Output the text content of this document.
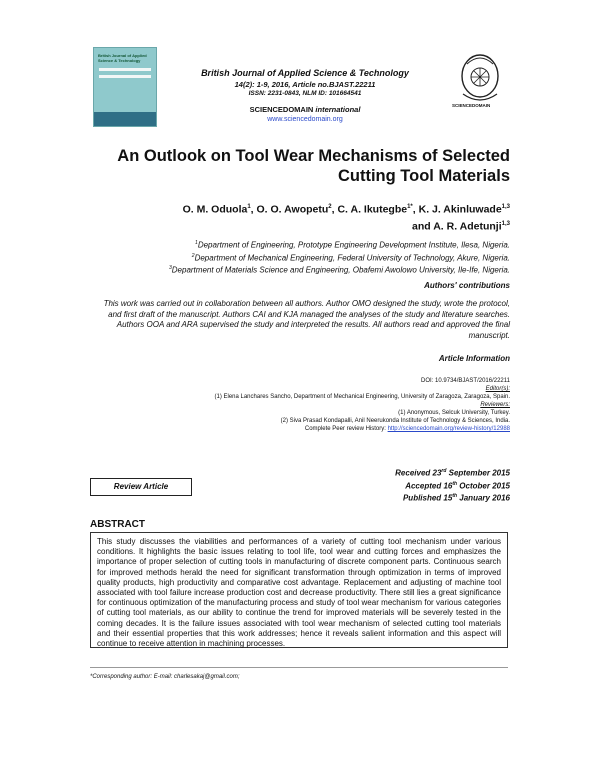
British Journal of Applied Science & Technology
British Journal of Applied Science & Technology
14(2): 1-9, 2016, Article no.BJAST.22211
ISSN: 2231-0843, NLM ID: 101664541
SCIENCEDOMAIN international
www.sciencedomain.org
SCIENCEDOMAIN
An Outlook on Tool Wear Mechanisms of Selected
Cutting Tool Materials
O. M. Oduola$^1$, O. O. Awopetu$^2$, C. A. Ikutegbe$^{1*}$, K. J. Akinluwade$^{1,3}$
and A. R. Adetunji$^{1,3}$
$^1$Department of Engineering, Prototype Engineering Development Institute, Ilesa, Nigeria.
$^2$Department of Mechanical Engineering, Federal University of Technology, Akure, Nigeria.
$^3$Department of Materials Science and Engineering, Obafemi Awolowo University, Ile-Ife, Nigeria.
Authors' contributions
This work was carried out in collaboration between all authors. Author OMO designed the study, wrote the protocol, and first draft of the manuscript. Authors CAI and KJA managed the analyses of the study and literature searches. Authors OOA and ARA supervised the study and interpreted the results. All authors read and approved the final manuscript.
Article Information
DOI: 10.9734/BJAST/2016/22211
Editor(s):
(1) Elena Lanchares Sancho, Department of Mechanical Engineering, University of Zaragoza, Zaragoza, Spain.
Reviewers:
(1) Anonymous, Selcuk University, Turkey.
(2) Siva Prasad Kondapalli, Anil Neerukonda Institute of Technology & Sciences, India.
Complete Peer review History: http://sciencedomain.org/review-history/12988
Review Article
Received 23rd September 2015
Accepted 16th October 2015
Published 15th January 2016
ABSTRACT
This study discusses the viabilities and performances of a variety of cutting tool mechanism under various conditions. It highlights the basic issues relating to tool life, tool wear and cutting forces and emphasizes the importance of proper selection of cutting tools in manufacturing of discrete component parts. Continuous search for improved methods herald the need for significant transformation through optimization in terms of improved quality products, high productivity and comparative cost advantage. Replacement and adjusting of machine tool associated with tool failure increase production cost and decrease productivity. There still lies a great significance for continuous optimization of the manufacturing process and study of tool wear mechanism for various categories of cutting tool materials, as our ability to continue the trend for improved materials will be severely tested in the coming decades. It is the failure issues associated with tool wear mechanism of selected cutting tool materials and their essential properties that this work addresses; hence it reveals salient information and this aspect will continue to receive attention in machining processes.
*Corresponding author: E-mail: charlesakaj@gmail.com;
